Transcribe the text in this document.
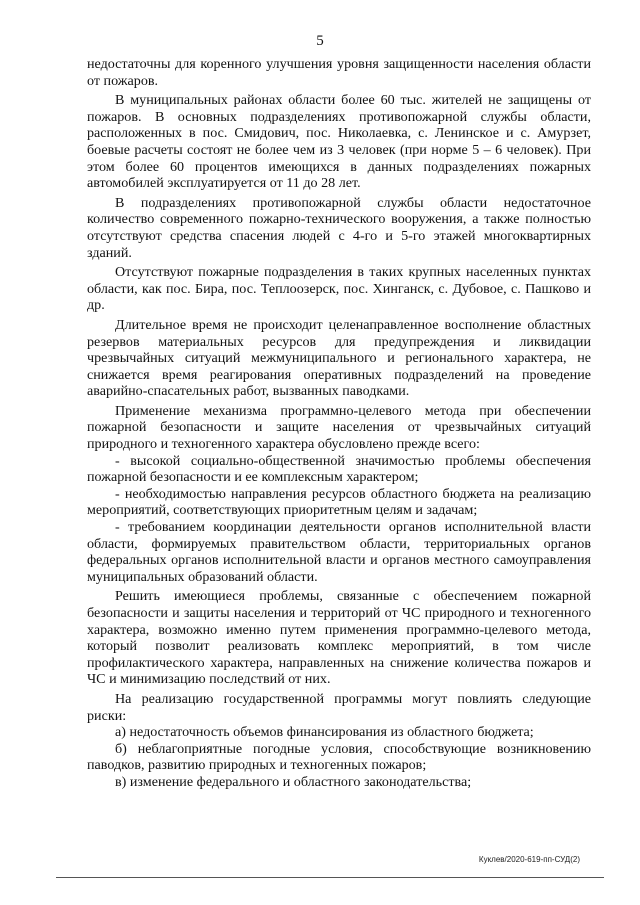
5

недостаточны для коренного улучшения уровня защищенности населения области от пожаров.

В муниципальных районах области более 60 тыс. жителей не защищены от пожаров. В основных подразделениях противопожарной службы области, расположенных в пос. Смидович, пос. Николаевка, с. Ленинское и с. Амурзет, боевые расчеты состоят не более чем из 3 человек (при норме 5 – 6 человек). При этом более 60 процентов имеющихся в данных подразделениях пожарных автомобилей эксплуатируется от 11 до 28 лет.

В подразделениях противопожарной службы области недостаточное количество современного пожарно-технического вооружения, а также полностью отсутствуют средства спасения людей с 4-го и 5-го этажей многоквартирных зданий.

Отсутствуют пожарные подразделения в таких крупных населенных пунктах области, как пос. Бира, пос. Теплоозерск, пос. Хинганск, с. Дубовое, с. Пашково и др.

Длительное время не происходит целенаправленное восполнение областных резервов материальных ресурсов для предупреждения и ликвидации чрезвычайных ситуаций межмуниципального и регионального характера, не снижается время реагирования оперативных подразделений на проведение аварийно-спасательных работ, вызванных паводками.

Применение механизма программно-целевого метода при обеспечении пожарной безопасности и защите населения от чрезвычайных ситуаций природного и техногенного характера обусловлено прежде всего:

- высокой социально-общественной значимостью проблемы обеспечения пожарной безопасности и ее комплексным характером;

- необходимостью направления ресурсов областного бюджета на реализацию мероприятий, соответствующих приоритетным целям и задачам;

- требованием координации деятельности органов исполнительной власти области, формируемых правительством области, территориальных органов федеральных органов исполнительной власти и органов местного самоуправления муниципальных образований области.

Решить имеющиеся проблемы, связанные с обеспечением пожарной безопасности и защиты населения и территорий от ЧС природного и техногенного характера, возможно именно путем применения программно-целевого метода, который позволит реализовать комплекс мероприятий, в том числе профилактического характера, направленных на снижение количества пожаров и ЧС и минимизацию последствий от них.

На реализацию государственной программы могут повлиять следующие риски:

а) недостаточность объемов финансирования из областного бюджета;

б) неблагоприятные погодные условия, способствующие возникновению паводков, развитию природных и техногенных пожаров;

в) изменение федерального и областного законодательства;

Куклев/2020-619-пп-СУД(2)
